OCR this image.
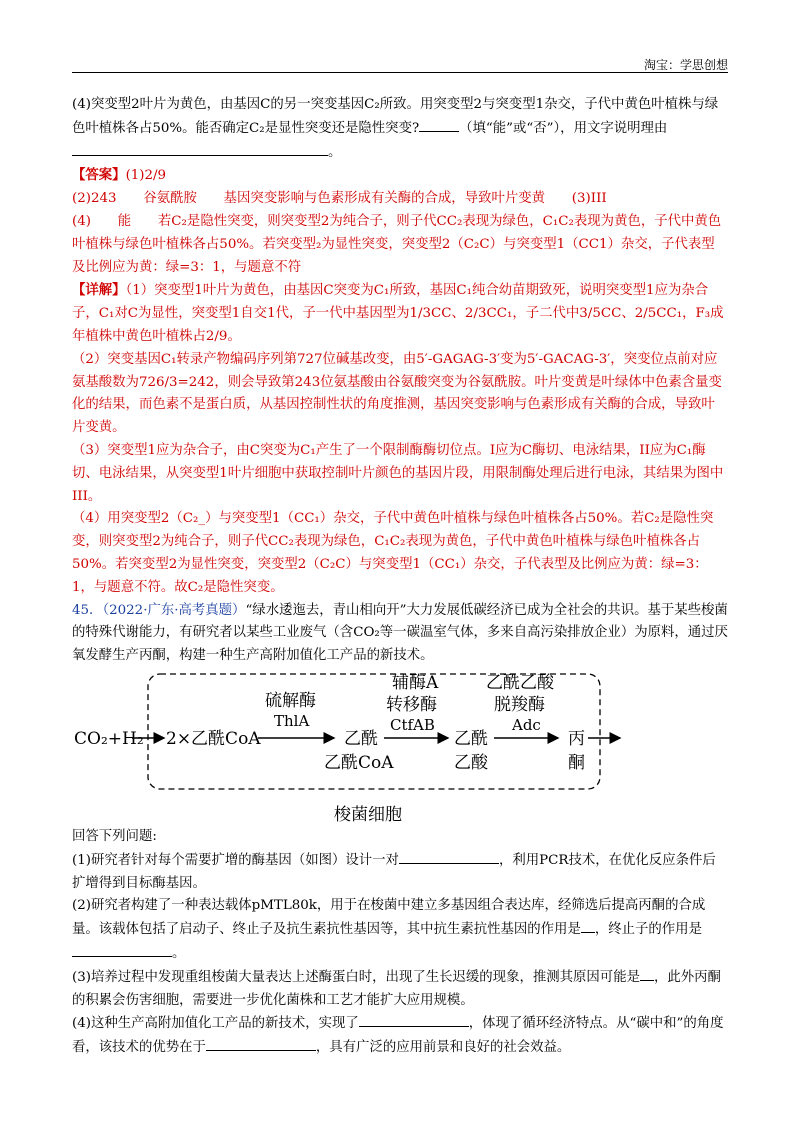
淘宝：学思创想

(4)突变型2叶片为黄色，由基因C的另一突变基因C₂所致。用突变型2与突变型1杂交，子代中黄色叶植株与绿色叶植株各占50%。能否确定C₂是显性突变还是隐性突变?	（填“能”或“否”），用文字说明理由。

【答案】(1)2/9

(2)243　　谷氨酰胺　　基因突变影响与色素形成有关酶的合成，导致叶片变黄　　(3)III

(4)　　能　　若C₂是隐性突变，则突变型2为纯合子，则子代CC₂表现为绿色，C₁C₂表现为黄色，子代中黄色叶植株与绿色叶植株各占50%。若突变型₂为显性突变，突变型2（C₂C）与突变型1（CC1）杂交，子代表型及比例应为黄：绿=3：1，与题意不符

【详解】（1）突变型1叶片为黄色，由基因C突变为C₁所致，基因C₁纯合幼苗期致死，说明突变型1应为杂合子，C₁对C为显性，突变型1自交1代，子一代中基因型为1/3CC、2/3CC₁，子二代中3/5CC、2/5CC₁，F₃成年植株中黄色叶植株占2/9。

（2）突变基因C₁转录产物编码序列第727位碱基改变，由5′-GAGAG-3′变为5′-GACAG-3′，突变位点前对应氨基酸数为726/3=242，则会导致第243位氨基酸由谷氨酸突变为谷氨酰胺。叶片变黄是叶绿体中色素含量变化的结果，而色素不是蛋白质，从基因控制性状的角度推测，基因突变影响与色素形成有关酶的合成，导致叶片变黄。

（3）突变型1应为杂合子，由C突变为C₁产生了一个限制酶酶切位点。I应为C酶切、电泳结果，II应为C₁酶切、电泳结果，从突变型1叶片细胞中获取控制叶片颜色的基因片段，用限制酶处理后进行电泳，其结果为图中III。

（4）用突变型2（C₂_）与突变型1（CC₁）杂交，子代中黄色叶植株与绿色叶植株各占50%。若C₂是隐性突变，则突变型2为纯合子，则子代CC₂表现为绿色，C₁C₂表现为黄色，子代中黄色叶植株与绿色叶植株各占50%。若突变型2为显性突变，突变型2（C₂C）与突变型1（CC₁）杂交，子代表型及比例应为黄：绿=3：1，与题意不符。故C₂是隐性突变。

45．（2022·广东·高考真题）“绿水逶迤去，青山相向开”大力发展低碳经济已成为全社会的共识。基于某些梭菌的特殊代谢能力，有研究者以某些工业废气（含CO₂等一碳温室气体，多来自高污染排放企业）为原料，通过厌氧发酵生产丙酮，构建一种生产高附加值化工产品的新技术。

CO₂+H₂ 2×乙酰CoA
硫解酶
ThlA
乙酰
乙酰CoA
辅酶A
转移酶
CtfAB
乙酰
乙酸
乙酰乙酸
脱羧酶
Adc
丙
酮
梭菌细胞

回答下列问题:

(1)研究者针对每个需要扩增的酶基因（如图）设计一对	，利用PCR技术，在优化反应条件后扩增得到目标酶基因。

(2)研究者构建了一种表达载体pMTL80k，用于在梭菌中建立多基因组合表达库，经筛选后提高丙酮的合成量。该载体包括了启动子、终止子及抗生素抗性基因等，其中抗生素抗性基因的作用是 ，终止子的作用是。

(3)培养过程中发现重组梭菌大量表达上述酶蛋白时，出现了生长迟缓的现象，推测其原因可能是 ，此外丙酮的积累会伤害细胞，需要进一步优化菌株和工艺才能扩大应用规模。

(4)这种生产高附加值化工产品的新技术，实现了	，体现了循环经济特点。从“碳中和”的角度看，该技术的优势在于	，具有广泛的应用前景和良好的社会效益。
